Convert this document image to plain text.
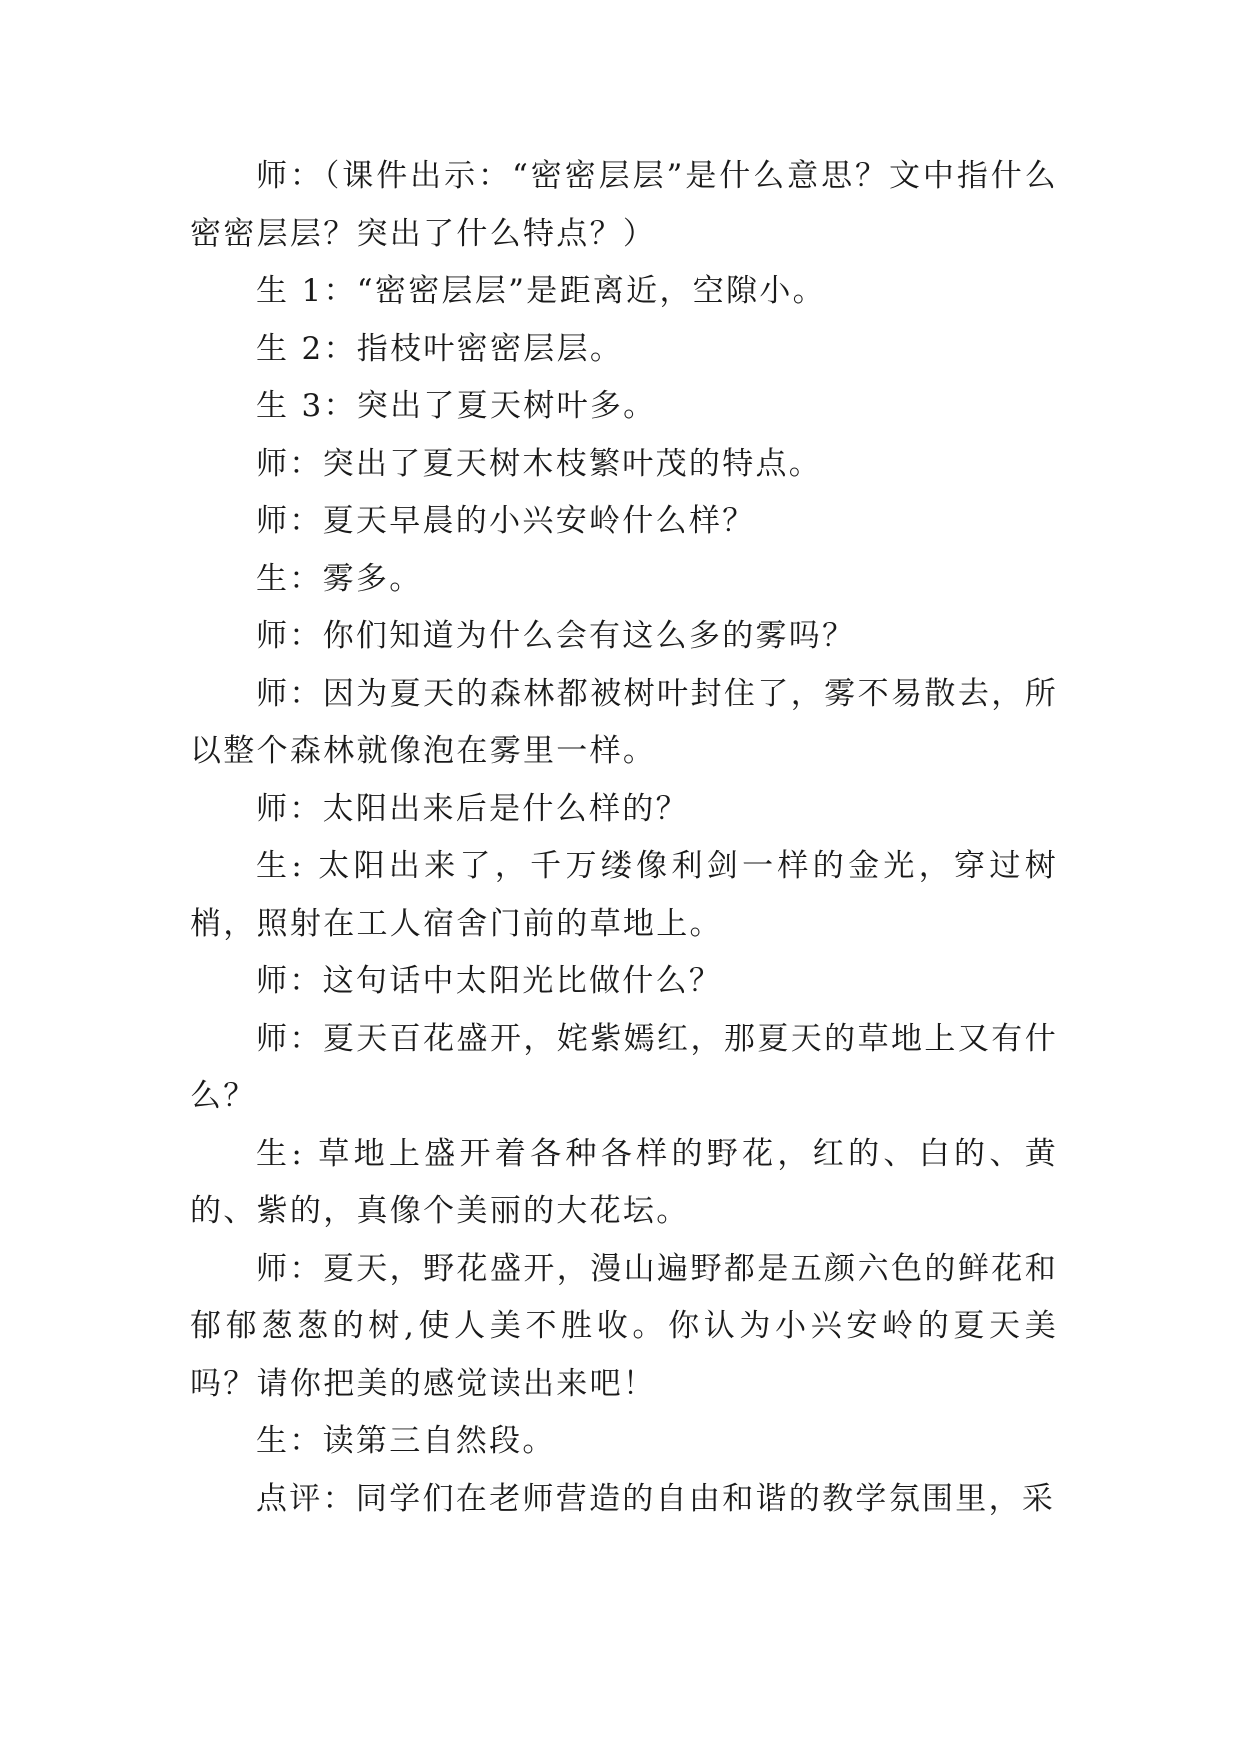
师：（课件出示：“密密层层”是什么意思？文中指什么密密层层？突出了什么特点？）

生 1：“密密层层”是距离近，空隙小。

生 2：指枝叶密密层层。

生 3：突出了夏天树叶多。

师：突出了夏天树木枝繁叶茂的特点。

师：夏天早晨的小兴安岭什么样？

生：雾多。

师：你们知道为什么会有这么多的雾吗？

师：因为夏天的森林都被树叶封住了，雾不易散去，所以整个森林就像泡在雾里一样。

师：太阳出来后是什么样的？

生: 太阳出来了，千万缕像利剑一样的金光，穿过树梢，照射在工人宿舍门前的草地上。

师：这句话中太阳光比做什么？

师：夏天百花盛开，姹紫嫣红，那夏天的草地上又有什么？

生: 草地上盛开着各种各样的野花，红的、白的、黄的、紫的，真像个美丽的大花坛。

师：夏天，野花盛开，漫山遍野都是五颜六色的鲜花和郁郁葱葱的树,使人美不胜收。你认为小兴安岭的夏天美吗？请你把美的感觉读出来吧！

生：读第三自然段。

点评：同学们在老师营造的自由和谐的教学氛围里，采
